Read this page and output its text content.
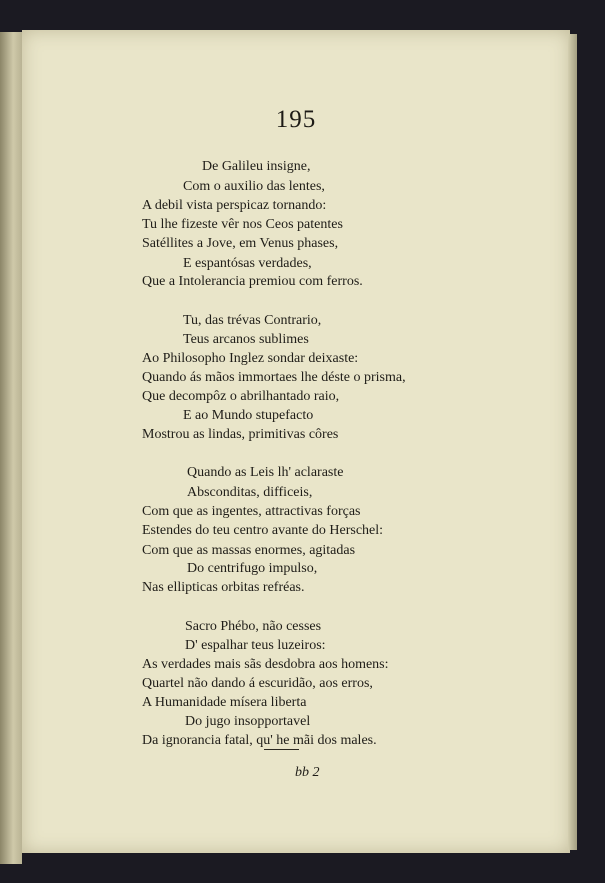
195
De Galileu insigne,
Com o auxilio das lentes,
A debil vista perspicaz tornando:
Tu lhe fizeste vêr nos Ceos patentes
Satéllites a Jove, em Venus phases,
E espantósas verdades,
Que a Intolerancia premiou com ferros.
Tu, das trévas Contrario,
Teus arcanos sublimes
Ao Philosopho Inglez sondar deixaste:
Quando ás mãos immortaes lhe déste o prisma,
Que decompôz o abrilhantado raio,
E ao Mundo stupefacto
Mostrou as lindas, primitivas côres
Quando as Leis lh' aclaraste
Absconditas, difficeis,
Com que as ingentes, attractivas forças
Estendes do teu centro avante do Herschel:
Com que as massas enormes, agitadas
Do centrifugo impulso,
Nas ellipticas orbitas refréas.
Sacro Phébo, não cesses
D' espalhar teus luzeiros:
As verdades mais sãs desdobra aos homens:
Quartel não dando á escuridão, aos erros,
A Humanidade mísera liberta
Do jugo insopportavel
Da ignorancia fatal, qu' he mãi dos males.
bb 2
